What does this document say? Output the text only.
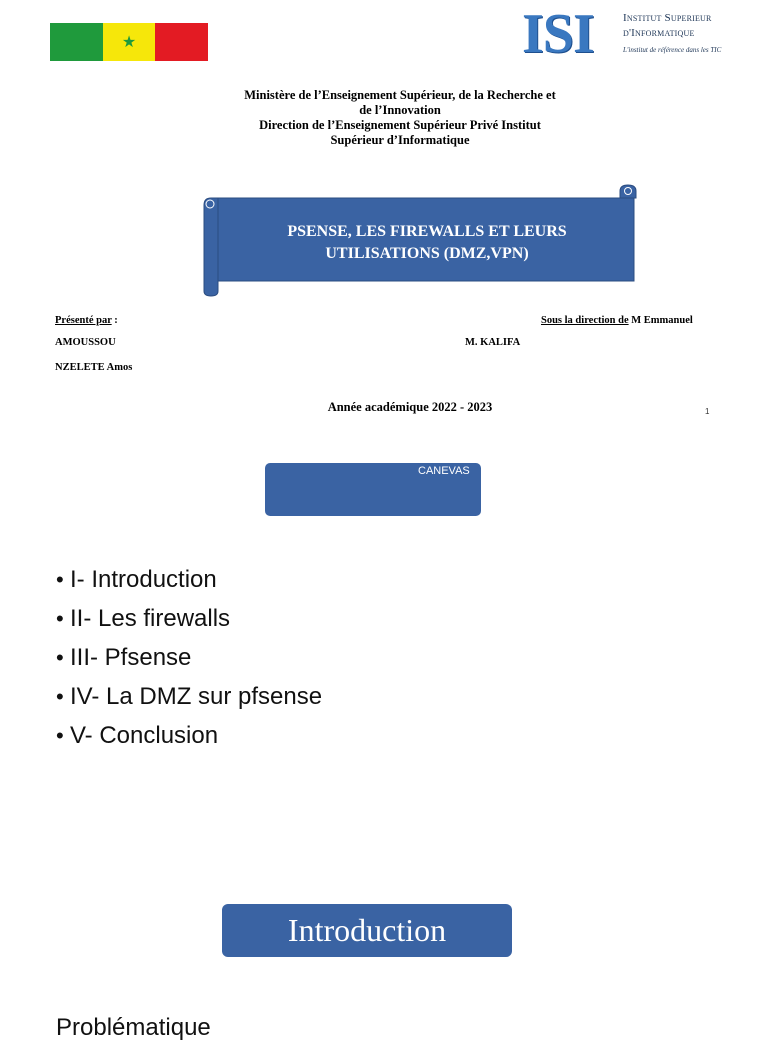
★	ISI	Institut Superieur
d'Informatique
L'institut de référence dans les TIC
Ministère de l’Enseignement Supérieur, de la Recherche et
de l’Innovation
Direction de l’Enseignement Supérieur Privé Institut
Supérieur d’Informatique
PSENSE, LES FIREWALLS ET LEURS
UTILISATIONS (DMZ,VPN)
Présenté par :
AMOUSSOU
NZELETE Amos
Sous la direction de M Emmanuel
M. KALIFA
Année académique 2022 - 2023	1
CANEVAS
• I- Introduction
• II- Les firewalls
• III- Pfsense
• IV- La DMZ sur pfsense
• V- Conclusion
Introduction
Problématique
